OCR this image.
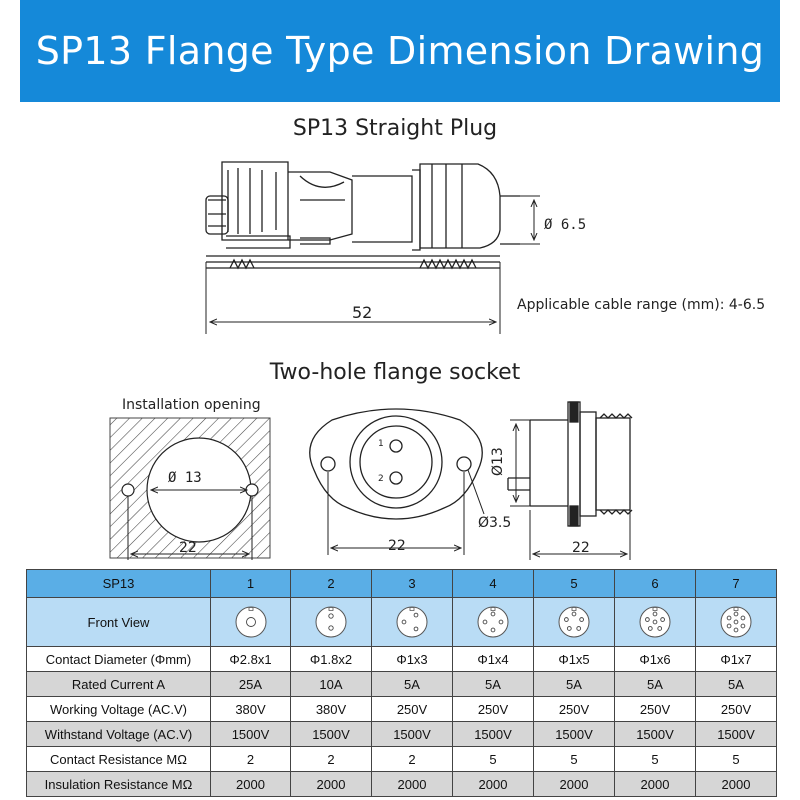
SP13 Flange Type Dimension Drawing
SP13 Straight Plug
Two-hole flange socket
Applicable cable range (mm): 4-6.5
Installation opening
52
Ø 6.5
Ø 13
22
1
2
22
Ø3.5
Ø13
22
SP13	1	2	3	4	5	6	7
Front View	

Contact Diameter (Φmm)	Φ2.8x1	Φ1.8x2	Φ1x3	Φ1x4	Φ1x5	Φ1x6	Φ1x7
Rated Current A	25A	10A	5A	5A	5A	5A	5A
Working Voltage (AC.V)	380V	380V	250V	250V	250V	250V	250V
Withstand Voltage (AC.V)	1500V	1500V	1500V	1500V	1500V	1500V	1500V
Contact Resistance MΩ	2	2	2	5	5	5	5
Insulation Resistance MΩ	2000	2000	2000	2000	2000	2000	2000
